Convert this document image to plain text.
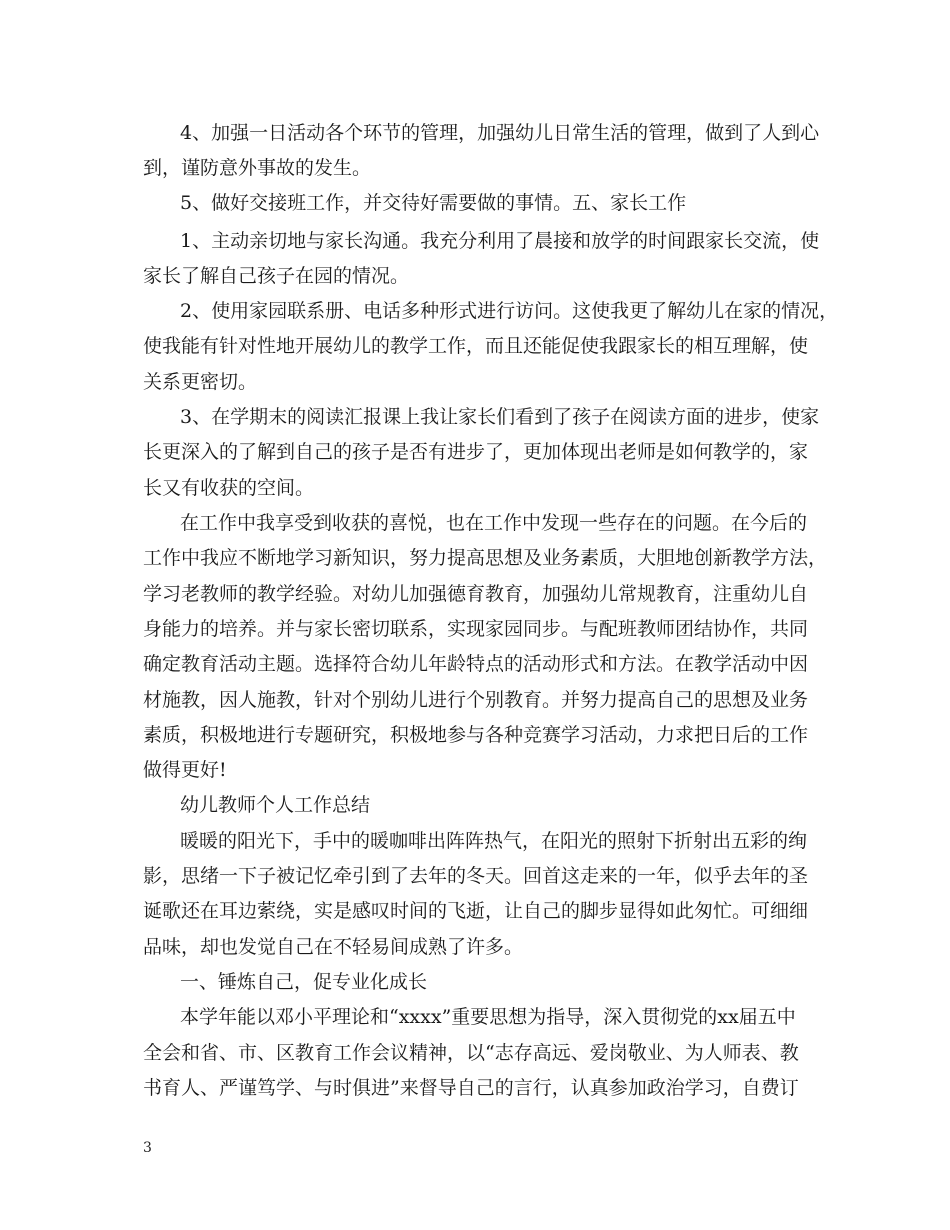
4、加强一日活动各个环节的管理，加强幼儿日常生活的管理，做到了人到心

到，谨防意外事故的发生。

5、做好交接班工作，并交待好需要做的事情。五、家长工作

1、主动亲切地与家长沟通。我充分利用了晨接和放学的时间跟家长交流，使

家长了解自己孩子在园的情况。

2、使用家园联系册、电话多种形式进行访问。这使我更了解幼儿在家的情况，

使我能有针对性地开展幼儿的教学工作，而且还能促使我跟家长的相互理解，使

关系更密切。

3、在学期末的阅读汇报课上我让家长们看到了孩子在阅读方面的进步，使家

长更深入的了解到自己的孩子是否有进步了，更加体现出老师是如何教学的，家

长又有收获的空间。

在工作中我享受到收获的喜悦，也在工作中发现一些存在的问题。在今后的

工作中我应不断地学习新知识，努力提高思想及业务素质，大胆地创新教学方法，

学习老教师的教学经验。对幼儿加强德育教育，加强幼儿常规教育，注重幼儿自

身能力的培养。并与家长密切联系，实现家园同步。与配班教师团结协作，共同

确定教育活动主题。选择符合幼儿年龄特点的活动形式和方法。在教学活动中因

材施教，因人施教，针对个别幼儿进行个别教育。并努力提高自己的思想及业务

素质，积极地进行专题研究，积极地参与各种竞赛学习活动，力求把日后的工作

做得更好!

幼儿教师个人工作总结

暖暖的阳光下，手中的暖咖啡出阵阵热气，在阳光的照射下折射出五彩的绚

影，思绪一下子被记忆牵引到了去年的冬天。回首这走来的一年，似乎去年的圣

诞歌还在耳边萦绕，实是感叹时间的飞逝，让自己的脚步显得如此匆忙。可细细

品味，却也发觉自己在不轻易间成熟了许多。

一、锤炼自己，促专业化成长

本学年能以邓小平理论和“xxxx”重要思想为指导，深入贯彻党的xx届五中

全会和省、市、区教育工作会议精神，以“志存高远、爱岗敬业、为人师表、教

书育人、严谨笃学、与时俱进”来督导自己的言行，认真参加政治学习，自费订

3
